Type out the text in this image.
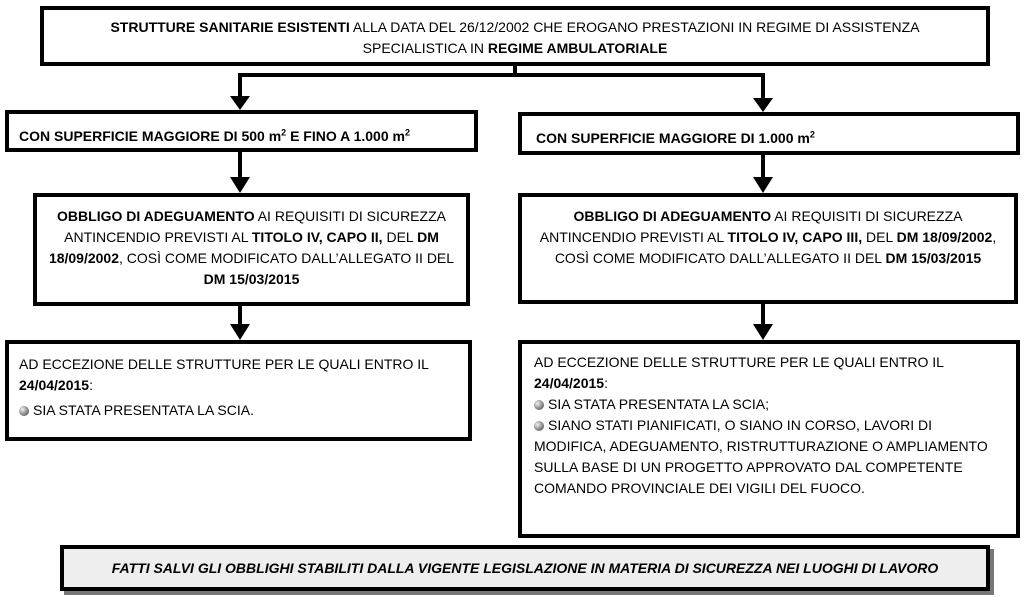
STRUTTURE SANITARIE ESISTENTI ALLA DATA DEL 26/12/2002 CHE EROGANO PRESTAZIONI IN REGIME DI ASSISTENZA SPECIALISTICA IN REGIME AMBULATORIALE
CON SUPERFICIE MAGGIORE DI 500 $m^2$ E FINO A 1.000 $m^2$	CON SUPERFICIE MAGGIORE DI 1.000 $m^2$
OBBLIGO DI ADEGUAMENTO AI REQUISITI DI SICUREZZA ANTINCENDIO PREVISTI AL TITOLO IV, CAPO II, DEL DM 18/09/2002, COSÌ COME MODIFICATO DALL’ALLEGATO II DEL DM 15/03/2015
OBBLIGO DI ADEGUAMENTO AI REQUISITI DI SICUREZZA ANTINCENDIO PREVISTI AL TITOLO IV, CAPO III, DEL DM 18/09/2002, COSÌ COME MODIFICATO DALL’ALLEGATO II DEL DM 15/03/2015
AD ECCEZIONE DELLE STRUTTURE PER LE QUALI ENTRO IL 24/04/2015:
SIA STATA PRESENTATA LA SCIA.
AD ECCEZIONE DELLE STRUTTURE PER LE QUALI ENTRO IL 24/04/2015:
SIA STATA PRESENTATA LA SCIA;
SIANO STATI PIANIFICATI, O SIANO IN CORSO, LAVORI DI MODIFICA, ADEGUAMENTO, RISTRUTTURAZIONE O AMPLIAMENTO SULLA BASE DI UN PROGETTO APPROVATO DAL COMPETENTE COMANDO PROVINCIALE DEI VIGILI DEL FUOCO.
FATTI SALVI GLI OBBLIGHI STABILITI DALLA VIGENTE LEGISLAZIONE IN MATERIA DI SICUREZZA NEI LUOGHI DI LAVORO
